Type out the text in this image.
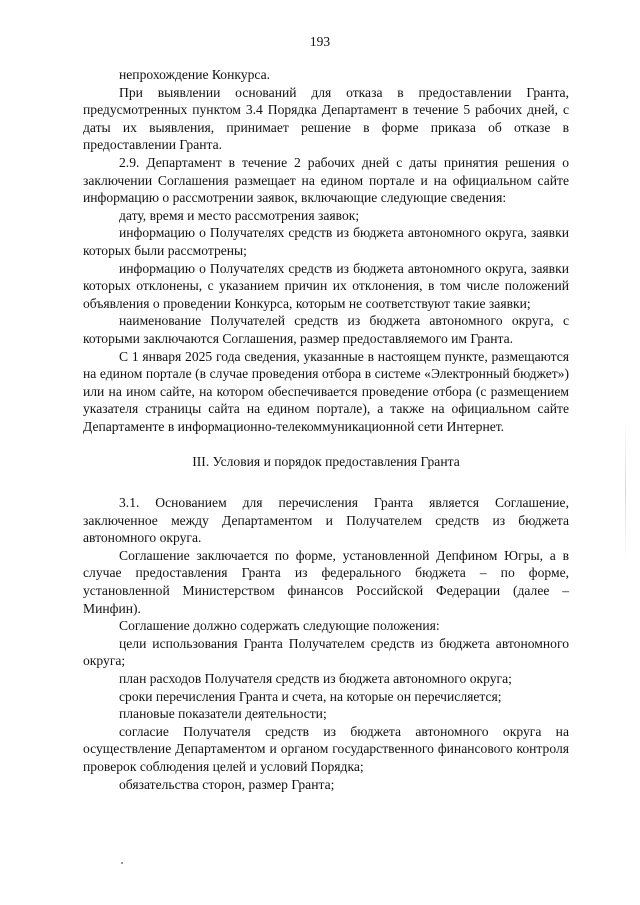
193

непрохождение Конкурса.

При выявлении оснований для отказа в предоставлении Гранта, предусмотренных пунктом 3.4 Порядка Департамент в течение 5 рабочих дней, с даты их выявления, принимает решение в форме приказа об отказе в предоставлении Гранта.

2.9. Департамент в течение 2 рабочих дней с даты принятия решения о заключении Соглашения размещает на едином портале и на официальном сайте информацию о рассмотрении заявок, включающие следующие сведения:

дату, время и место рассмотрения заявок;

информацию о Получателях средств из бюджета автономного округа, заявки которых были рассмотрены;

информацию о Получателях средств из бюджета автономного округа, заявки которых отклонены, с указанием причин их отклонения, в том числе положений объявления о проведении Конкурса, которым не соответствуют такие заявки;

наименование Получателей средств из бюджета автономного округа, с которыми заключаются Соглашения, размер предоставляемого им Гранта.

С 1 января 2025 года сведения, указанные в настоящем пункте, размещаются на едином портале (в случае проведения отбора в системе «Электронный бюджет») или на ином сайте, на котором обеспечивается проведение отбора (с размещением указателя страницы сайта на едином портале), а также на официальном сайте Департаменте в информационно-телекоммуникационной сети Интернет.

III. Условия и порядок предоставления Гранта

3.1. Основанием для перечисления Гранта является Соглашение, заключенное между Департаментом и Получателем средств из бюджета автономного округа.

Соглашение заключается по форме, установленной Депфином Югры, а в случае предоставления Гранта из федерального бюджета – по форме, установленной Министерством финансов Российской Федерации (далее – Минфин).

Соглашение должно содержать следующие положения:

цели использования Гранта Получателем средств из бюджета автономного округа;

план расходов Получателя средств из бюджета автономного округа;

сроки перечисления Гранта и счета, на которые он перечисляется;

плановые показатели деятельности;

согласие Получателя средств из бюджета автономного округа на осуществление Департаментом и органом государственного финансового контроля проверок соблюдения целей и условий Порядка;

обязательства сторон, размер Гранта;
